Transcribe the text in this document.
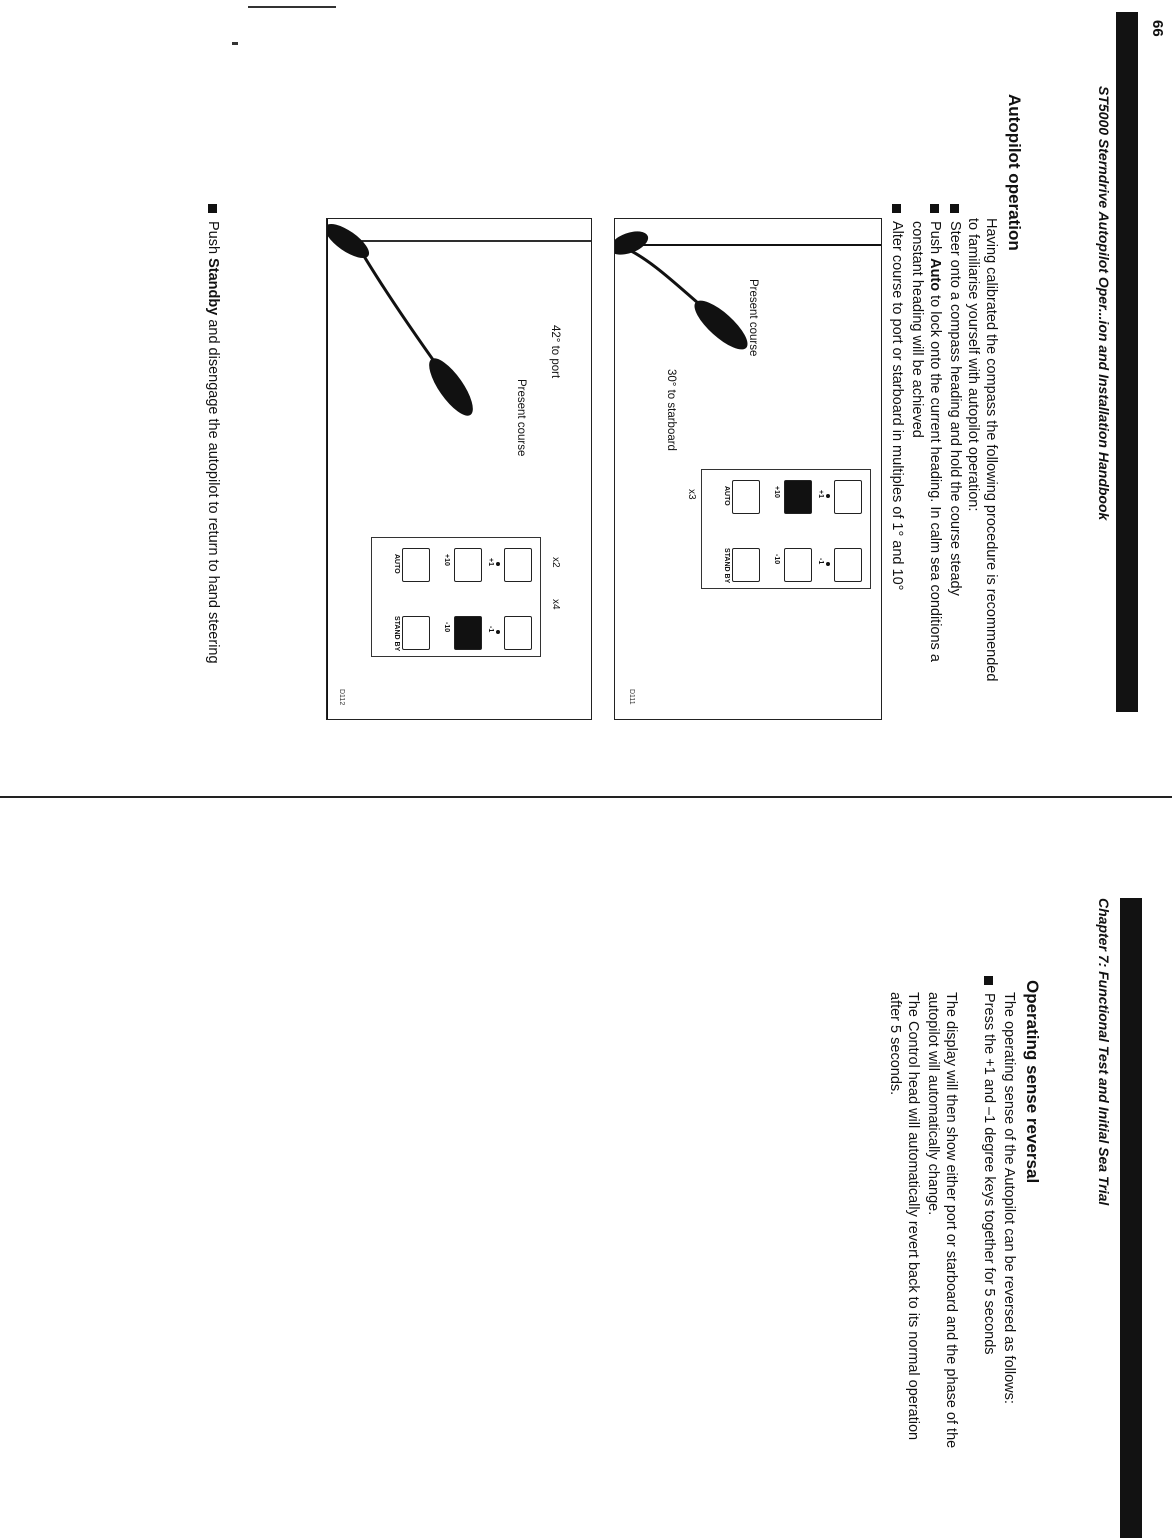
66
ST5000 Sterndrive Autopilot Oper...ion and Installation Handbook
Autopilot operation
Having calibrated the compass the following procedure is recommended
to familiarise yourself with autopilot operation:
Steer onto a compass heading and hold the course steady
Push Auto to lock onto the current heading. In calm sea conditions a
constant heading will be achieved
Alter course to port or starboard in multiples of 1° and 10°
30° to starboard
Present course
-1
-10
STAND BY
+1
+10
AUTO
x3
D111
42° to port
Present course
-1
-10
STAND BY
+1
+10
AUTO	x2
x4
D112
Push Standby and disengage the autopilot to return to hand steering
Chapter 7: Functional Test and Initial Sea Trial
Operating sense reversal
The operating sense of the Autopilot can be reversed as follows:
Press the +1 and –1 degree keys together for 5 seconds
The display will then show either port or starboard and the phase of the
autopilot will automatically change.
The Control head will automatically revert back to its normal operation
after 5 seconds.
